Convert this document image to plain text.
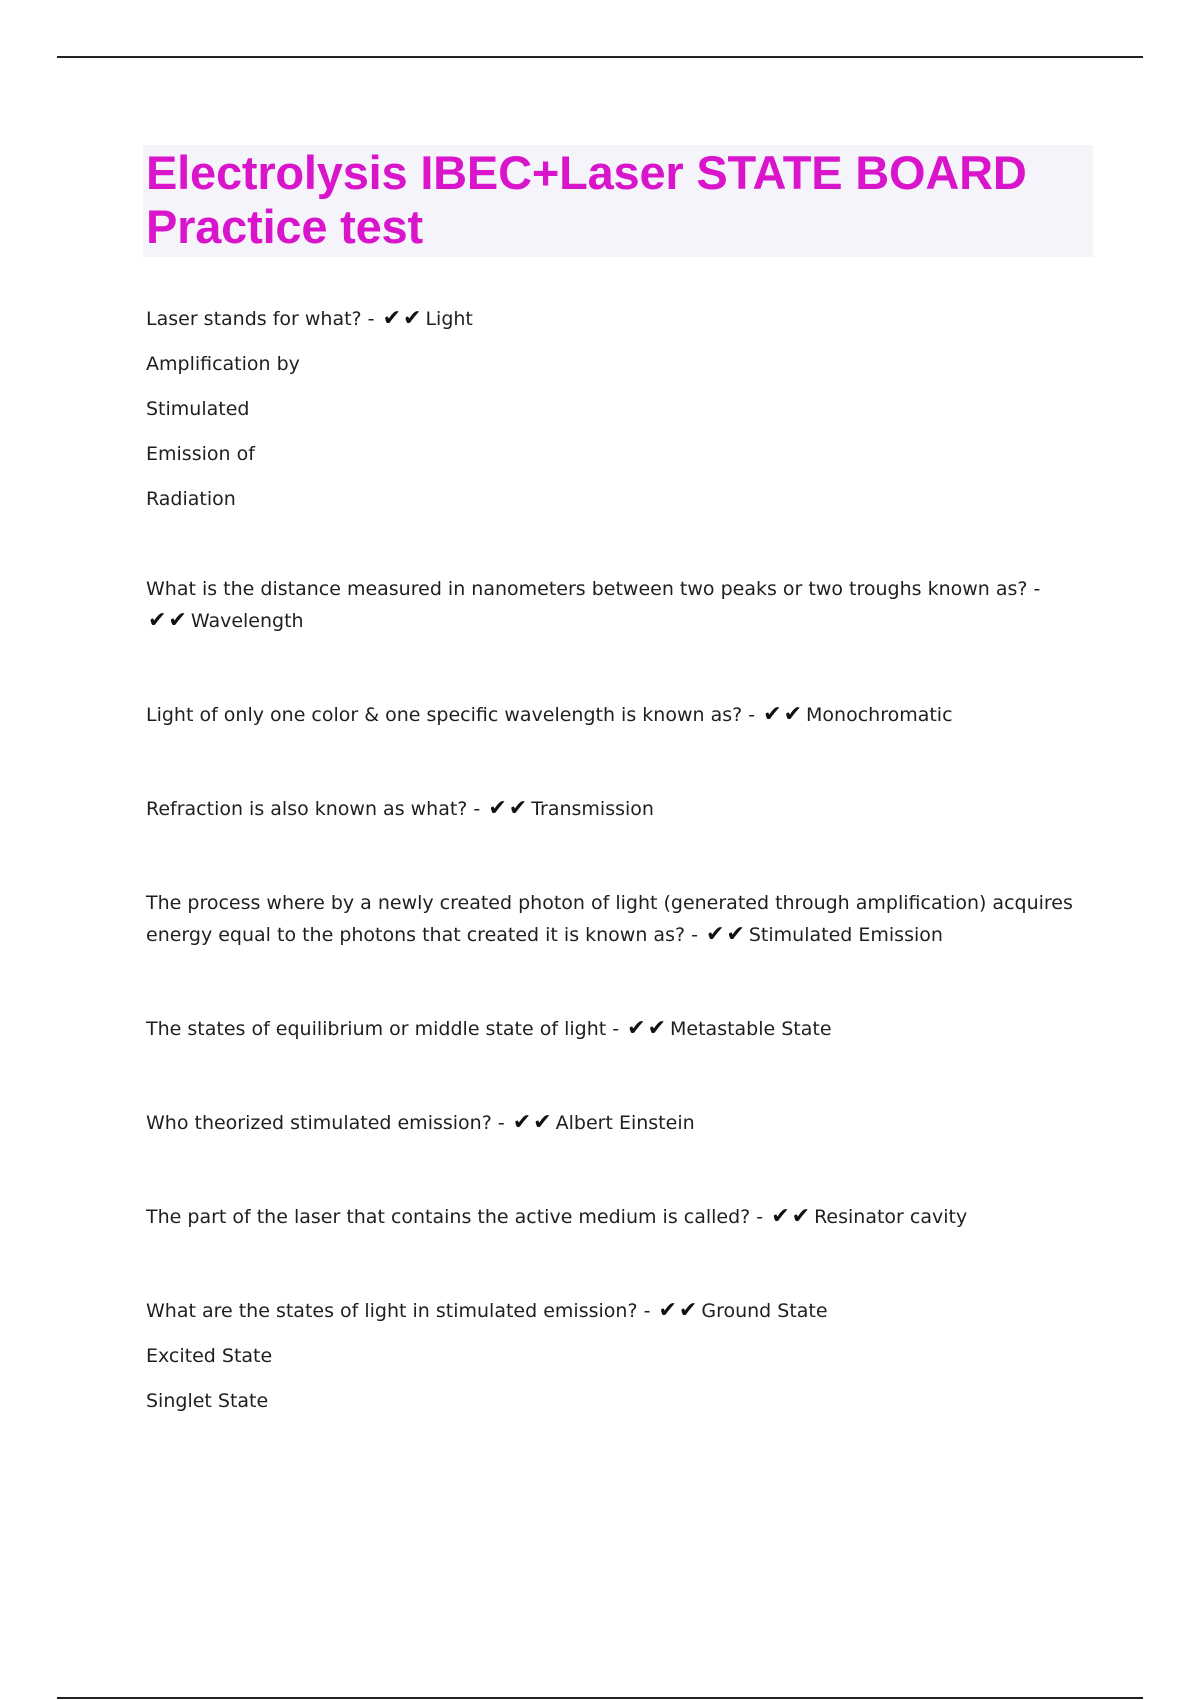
Electrolysis IBEC+Laser STATE BOARD Practice test

Laser stands for what? - ✔✔ Light

Amplification by

Stimulated

Emission of

Radiation

What is the distance measured in nanometers between two peaks or two troughs known as? -
✔✔ Wavelength

Light of only one color & one specific wavelength is known as? - ✔✔ Monochromatic

Refraction is also known as what? - ✔✔ Transmission

The process where by a newly created photon of light (generated through amplification) acquires energy equal to the photons that created it is known as? - ✔✔ Stimulated Emission

The states of equilibrium or middle state of light - ✔✔ Metastable State

Who theorized stimulated emission? - ✔✔ Albert Einstein

The part of the laser that contains the active medium is called? - ✔✔ Resinator cavity

What are the states of light in stimulated emission? - ✔✔ Ground State

Excited State

Singlet State
